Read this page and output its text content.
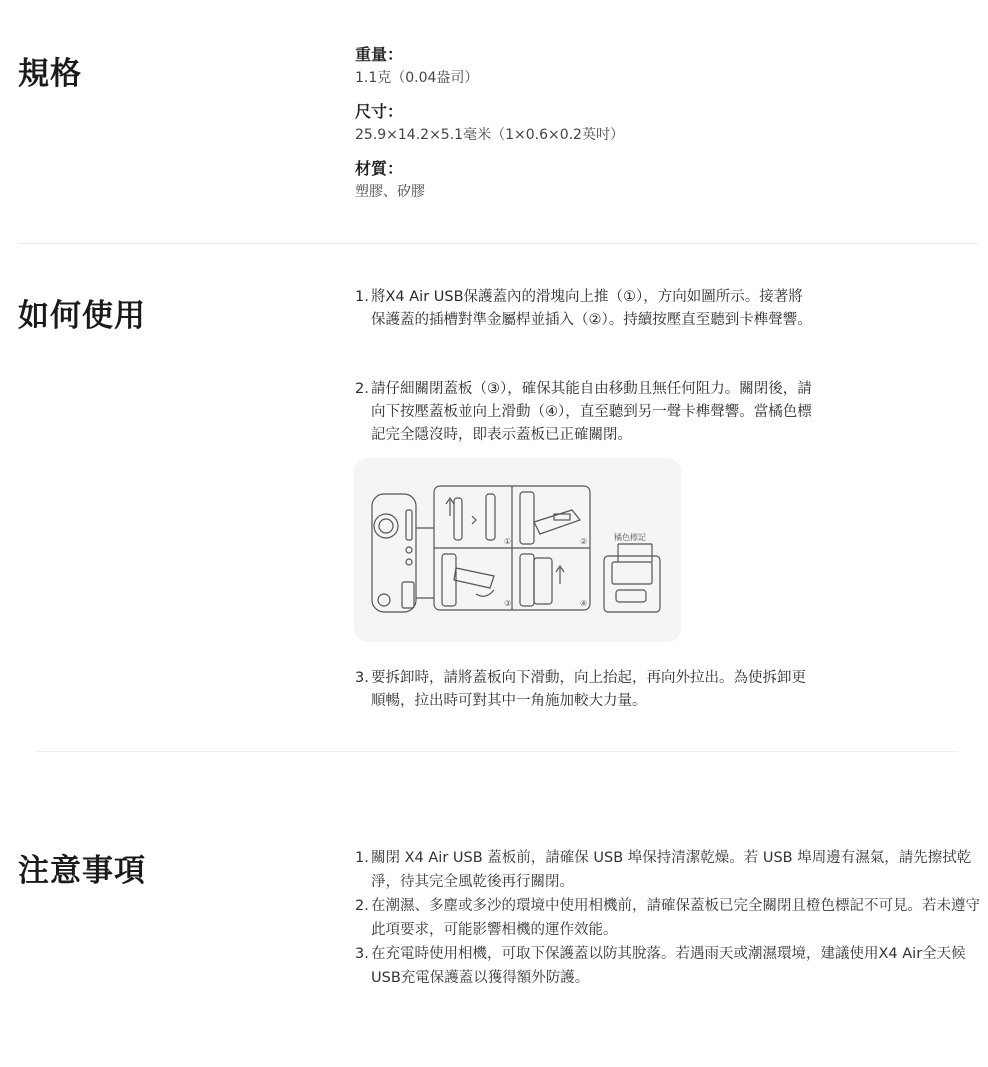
規格

重量：

1.1克（0.04盎司）

尺寸：

25.9×14.2×5.1毫米（1×0.6×0.2英吋）

材質：

塑膠、矽膠

如何使用
1. 將X4 Air USB保護蓋內的滑塊向上推（①），方向如圖所示。接著將保護蓋的插槽對準金屬桿並插入（②）。持續按壓直至聽到卡榫聲響。
2. 請仔細關閉蓋板（③），確保其能自由移動且無任何阻力。關閉後，請向下按壓蓋板並向上滑動（④），直至聽到另一聲卡榫聲響。當橘色標記完全隱沒時，即表示蓋板已正確關閉。
①	②
③	④
橘色標記
3. 要拆卸時，請將蓋板向下滑動，向上抬起，再向外拉出。為使拆卸更順暢，拉出時可對其中一角施加較大力量。
注意事項	1. 關閉 X4 Air USB 蓋板前，請確保 USB 埠保持清潔乾燥。若 USB 埠周邊有濕氣，請先擦拭乾淨，待其完全風乾後再行關閉。
2. 在潮濕、多塵或多沙的環境中使用相機前，請確保蓋板已完全關閉且橙色標記不可見。若未遵守此項要求，可能影響相機的運作效能。
3. 在充電時使用相機，可取下保護蓋以防其脫落。若遇雨天或潮濕環境，建議使用X4 Air全天候USB充電保護蓋以獲得額外防護。
